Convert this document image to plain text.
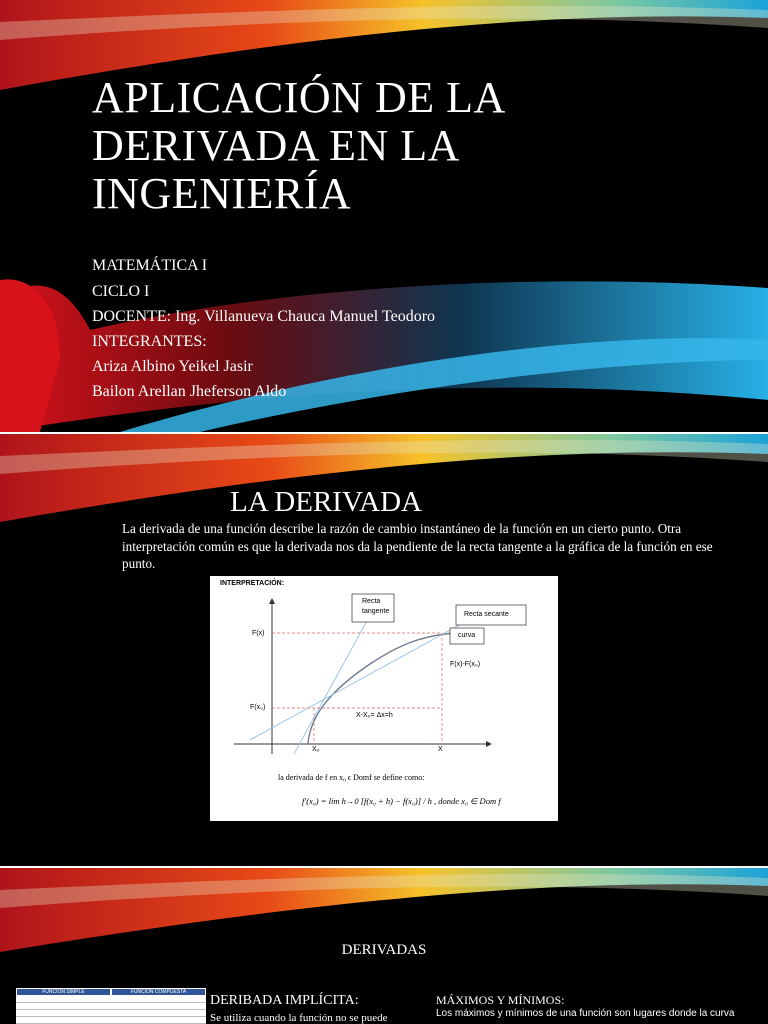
APLICACIÓN DE LA
DERIVADA EN LA
INGENIERÍA
MATEMÁTICA I
CICLO I
DOCENTE: Ing. Villanueva Chauca Manuel Teodoro
INTEGRANTES:
Ariza Albino Yeikel Jasir
Bailon Arellan Jheferson Aldo
LA DERIVADA
La derivada de una función describe la razón de cambio instantáneo de la función en un cierto punto. Otra interpretación común es que la derivada nos da la pendiente de la recta tangente a la gráfica de la función en ese punto.
INTERPRETACIÓN:
Recta
tangente	Recta secante
curva
F(x)
F(x₀)
F(x)-F(x₀)
X-X₀= Δx=h
X₀	X
la derivada de f en x₀ ϵ Domf se define como:
f′(x₀) = lim h→0 [f(x₀ + h) − f(x₀)] / h , donde x₀ ∈ Dom f
DERIVADAS
FUNCIÓN SIMPLE	FUNCIÓN COMPUESTA
DERIBADA IMPLÍCITA:
Se utiliza cuando la función no se puede
MÁXIMOS Y MÍNIMOS:
Los máximos y mínimos de una función son lugares donde la curva
